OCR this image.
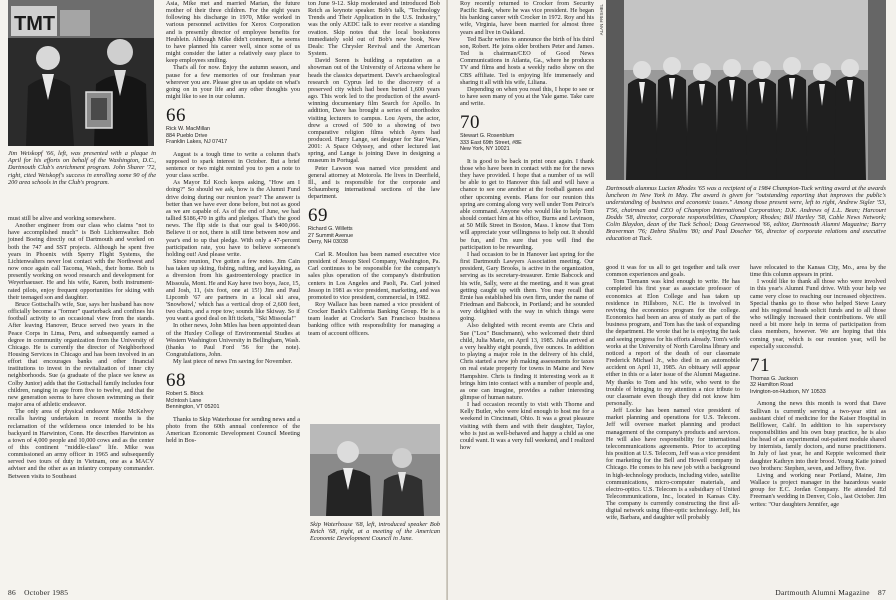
TMT
Jim Weiskopf '66, left, was presented with a plaque in April for his efforts on behalf of the Washington, D.C., Dartmouth Club's enrichment program. John Sharer '72, right, cited Weiskopf's success in enrolling some 90 of the 200 area schools in the Club's program.

must still be alive and working somewhere.

Another engineer from our class who claims "not to have accomplished much" is Bob Lichtenwalter. Bob joined Boeing directly out of Dartmouth and worked on both the 747 and SST projects. Although he spent five years in Phoenix with Sperry Flight Systems, the Lichtenwalters never lost contact with the Northwest and now once again call Tacoma, Wash., their home. Bob is presently working on wood research and development for Weyerhaeuser. He and his wife, Karen, both instrument-rated pilots, enjoy frequent opportunities for skiing with their teenaged son and daughter.

Bruce Gottschall's wife, Sue, says her husband has now officially become a "former" quarterback and confines his football activity to an occasional view from the stands. After leaving Hanover, Bruce served two years in the Peace Corps in Lima, Peru, and subsequently earned a degree in community organization from the University of Chicago. He is currently the director of Neighborhood Housing Services in Chicago and has been involved in an effort that encourages banks and other financial institutions to invest in the revitalization of inner city neighborhoods. Sue (a graduate of the place we knew as Colby Junior) adds that the Gottschall family includes four children, ranging in age from five to twelve, and that the new generation seems to have chosen swimming as their major area of athletic endeavor.

The only area of physical endeavor Mike McKelvey recalls having undertaken in recent months is the reclamation of the wilderness once intended to be his backyard in Harwinton, Conn. He describes Harwinton as a town of 4,000 people and 10,000 cows and as the center of this continent "middle-class" life. Mike was commissioned an army officer in 1965 and subsequently served two tours of duty in Vietnam, one as a MACV adviser and the other as an infantry company commander. Between visits to Southeast

Asia, Mike met and married Marian, the future mother of their three children. For the eight years following his discharge in 1970, Mike worked in various personnel activities for Xerox Corporation and is presently director of employee benefits for Heublein. Although Mike didn't comment, he seems to have planned his career well, since some of us might consider the latter a relatively easy place to keep employees smiling.

That's all for now. Enjoy the autumn season, and pause for a few memories of our freshman year wherever you are. Please give us an update on what's going on in your life and any other thoughts you might like to see in our column.

66
Rick W. MacMillan
884 Pueblo Drive
Franklin Lakes, NJ 07417

August is a tough time to write a column that's supposed to spark interest in October. But a brief sentence or two might remind you to pen a note to your class scribe.

As Mayor Ed Koch keeps asking, "How am I doing?" So should we ask, how is the Alumni Fund drive doing during our reunion year? The answer is better than we have ever done before, but not as good as we are capable of. As of the end of June, we had tallied $186,470 in gifts and pledges. That's the good news. The flip side is that our goal is $400,066. Believe it or not, there is still time between now and year's end to up that pledge. With only a 47-percent participation rate, you have to believe someone's holding out! And please write.

Since reunion, I've gotten a few notes. Jim Cain has taken up skiing, fishing, rafting, and kayaking, as a diversion from his gastroenterology practice in Missoula, Mont. He and Kay have two boys, Jace, 15, and Josh, 11, (six foot, one at 15!) Jim and Paul Lipcomb '67 are partners in a local ski area, 'Snowbowl,' which has a vertical drop of 2,600 feet, two chairs, and a rope tow; sounds like Skiway. So if you want a good deal on lift tickets, "Ski Missoula!"

In other news, John Miles has been appointed dean of the Huxley College of Environmental Studies at Western Washington University in Bellingham, Wash. (thanks to Paul Ford '56 for the note). Congratulations, John.

My last piece of news I'm saving for November.

68
Robert S. Block
McIntosh Lane
Bennington, VT 05201

Thanks to Skip Waterhouse for sending news and a photo from the 60th annual conference of the American Economic Development Council Meeting held in Bos-

ton June 9-12. Skip moderated and introduced Bob Reich as keynote speaker. Bob's talk, "Technology Trends and Their Application in the U.S. Industry," was the only AEDC talk to ever receive a standing ovation. Skip notes that the local bookstores immediately sold out of Bob's new book, New Deals: The Chrysler Revival and the American System.

David Soren is building a reputation as a showman out of the University of Arizona where he heads the classics department. Dave's archaeological research on Cyprus led to the discovery of a preserved city which had been buried 1,600 years ago. This work led to the production of the award-winning documentary film Search for Apollo. In addition, Dave has brought a series of unorthodox visiting lecturers to campus. Lou Ayers, the actor, drew a crowd of 500 to a showing of two comparative religion films which Ayers had produced. Harry Lange, set designer for Star Wars, 2001: A Space Odyssey, and other lectured last spring, and Lange is joining Dave in designing a museum in Portugal.

Peter Lawson was named vice president and general attorney at Motorola. He lives in Deerfield, Ill., and is responsible for the corporate and Schaumberg international sections of the law department.

69
Richard G. Willetts
27 Summit Avenue
Derry, NH 03038

Carl R. Moulton has been named executive vice president of Jessop Steel Company, Washington, Pa. Carl continues to be responsible for the company's sales plus operation of the company's distribution centers in Los Angeles and Paoli, Pa. Carl joined Jessop in 1981 as vice president, marketing, and was promoted to vice president, commercial, in 1982.

Roy Wallace has been named a vice president of Crocker Bank's California Banking Group. He is a team leader at Crocker's San Francisco business banking office with responsibility for managing a team of account officers.

Skip Waterhouse '68, left, introduced speaker Bob Reich '68, right, at a meeting of the American Economic Development Council in June.
86 October 1985

Roy recently returned to Crocker from Security Pacific Bank, where he was vice president. He began his banking career with Crocker in 1972. Roy and his wife, Virginia, have been married for almost three years and live in Oakland.

Ted Bachr writes to announce the birth of his third son, Robert. He joins older brothers Peter and James. Ted is chairman/CEO of Good News Communications in Atlanta, Ga., where he produces TV and films and hosts a weekly radio show on the CBS affiliate. Ted is enjoying life immensely and sharing it all with his wife, Liliana.

Depending on when you read this, I hope to see or to have seen many of you at the Yale game. Take care and write.

70
Stewart G. Rosenblum
333 East 69th Street, #8E
New York, NY 10021

It is good to be back in print once again. I thank those who have been in contact with me for the news they have provided. I hope that a number of us will be able to get to Hanover this fall and will have a chance to see one another at the football games and other upcoming events. Plans for our reunion this spring are coming along very well under Tom Peirce's able command. Anyone who would like to help Tom should contact him at his office, Burns and Levinson, at 50 Milk Street in Boston, Mass. I know that Tom will appreciate your willingness to help out. It should be fun, and I'm sure that you will find the participation to be rewarding.

I had occasion to be in Hanover last spring for the first Dartmouth Lawyers Association meeting. Our president, Gary Brooks, is active in the organization, serving as its secretary-treasurer. Ernie Babcock and his wife, Sally, were at the meeting, and it was great getting caught up with them. You may recall that Ernie has established his own firm, under the name of Friedman and Babcock, in Portland; and he sounded very delighted with the way in which things were going.

Also delighted with recent events are Chris and Sue ("Lou" Buschmann), who welcomed their third child, Julia Marie, on April 13, 1985. Julia arrived at a very healthy eight pounds, five ounces. In addition to playing a major role in the delivery of his child, Chris started a new job making assessments for taxes on real estate property for towns in Maine and New Hampshire. Chris is finding it interesting work as it brings him into contact with a number of people and, as one can imagine, provides a rather interesting glimpse of human nature.

I had occasion recently to visit with Thorne and Kelly Butler, who were kind enough to host me for a weekend in Cincinnati, Ohio. It was a great pleasure visiting with them and with their daughter, Taylor, who is just as well-behaved and happy a child as one could want. It was a very full weekend, and I realized how

ALAN FRISHEL
Dartmouth alumnus Lucien Rhodes '65 was a recipient of a 1984 Champion-Tuck writing award at the awards luncheon in New York in May. The award is given for "outstanding reporting that improves the public's understanding of business and economic issues." Among those present were, left to right, Andrew Sigler '53, T'56, chairman and CEO of Champion International Corporation; D.K. Andrews of L.L. Bean; Harcourt Dodds '58, director, corporate responsibilities, Champion; Rhodes; Bill Hartley '58, Cable News Network; Colin Blaydon, dean of the Tuck School; Doug Greenwood '66, editor, Dartmouth Alumni Magazine; Barry Braverman '76; Debra Shulins '80; and Paul Doscher '66, director of corporate relations and executive education at Tuck.

good it was for us all to get together and talk over common experiences and goals.

Tom Tiemann was kind enough to write. He has completed his first year as associate professor of economics at Elon College and has taken up residence in Hillsboro, N.C. He is involved in reviving the economics program for the college. Economics had been an area of study as part of the business program, and Tom has the task of expanding the department. He wrote that he is enjoying the task and seeing progress for his efforts already. Tom's wife works at the University of North Carolina library and noticed a report of the death of our classmate Frederick Michael Jr., who died in an automobile accident on April 11, 1985. An obituary will appear either in this or a later issue of the Alumni Magazine. My thanks to Tom and his wife, who went to the trouble of bringing to my attention a nice tribute to our classmate even though they did not know him personally.

Jeff Locke has been named vice president of market planning and operations for U.S. Telecom. Jeff will oversee market planning and product management of the company's products and services. He will also have responsibility for international telecommunications agreements. Prior to accepting his position at U.S. Telecom, Jeff was a vice president for marketing for the Bell and Howell company in Chicago. He comes to his new job with a background in high-technology products, including video, satellite communications, micro-computer materials, and electro-optics. U.S. Telecom is a subsidiary of United Telecommunications, Inc., located in Kansas City. The company is currently constructing the first all-digital network using fiber-optic technology. Jeff, his wife, Barbara, and daughter will probably

have relocated to the Kansas City, Mo., area by the time this column appears in print.

I would like to thank all those who were involved in this year's Alumni Fund drive. With your help we came very close to reaching our increased objectives. Special thanks go to those who helped Steve Leary and his regional heads solicit funds and to all those who willingly increased their contributions. We still need a bit more help in terms of participation from class members, however. We are hoping that this coming year, which is our reunion year, will be especially successful.

71
Thomas G. Jackson
32 Hamilton Road
Irvington-on-Hudson, NY 10533

Among the news this month is word that Dave Sullivan is currently serving a two-year stint as assistant chief of medicine for the Kaiser Hospital in Bellflower, Calif. In addition to his supervisory responsibilities and his own busy practice, he is also the head of an experimental out-patient module shared by internists, family doctors, and nurse practitioners. In July of last year, he and Keppie welcomed their daughter Kathryn into their brood. Young Katie joined two brothers: Stephen, seven, and Jeffrey, five.

Living and working near Portland, Maine, Jim Wallace is project manager in the hazardous waste group for E.C. Jordan Company. He attended Ed Freeman's wedding in Denver, Colo., last October. Jim writes: "Our daughters Jennifer, age

Dartmouth Alumni Magazine 87
